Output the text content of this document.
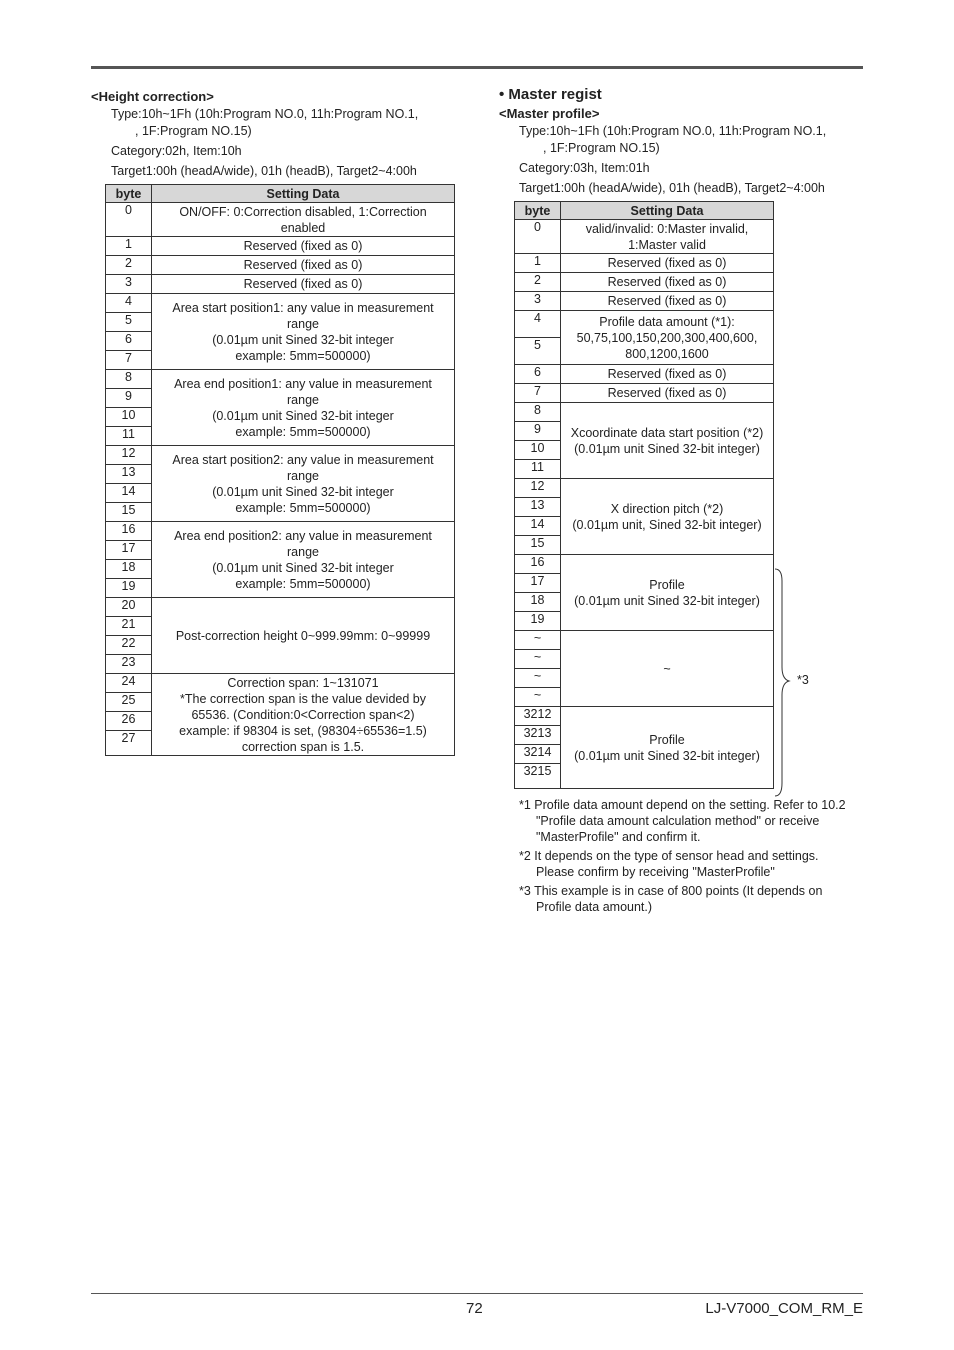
<Height correction>
Type:10h~1Fh (10h:Program NO.0, 11h:Program NO.1,
, 1F:Program NO.15)
Category:02h, Item:10h
Target1:00h (headA/wide), 01h (headB), Target2~4:00h
byte	Setting Data
0	ON/OFF: 0:Correction disabled, 1:Correction
enabled

1	Reserved (fixed as 0)

2	Reserved (fixed as 0)

3	Reserved (fixed as 0)

4	Area start position1: any value in measurement
range
(0.01µm unit Sined 32-bit integer
example: 5mm=500000)

5	
6	
7	
8	Area end position1: any value in measurement
range
(0.01µm unit Sined 32-bit integer
example: 5mm=500000)

9	
10	
11	
12	Area start position2: any value in measurement
range
(0.01µm unit Sined 32-bit integer
example: 5mm=500000)

13	
14	
15	
16	Area end position2: any value in measurement
range
(0.01µm unit Sined 32-bit integer
example: 5mm=500000)

17	
18	
19	
20	Post-correction height 0~999.99mm: 0~99999

21	
22	
23	
24	Correction span: 1~131071
*The correction span is the value devided by
65536. (Condition:0<Correction span<2)
example: if 98304 is set, (98304÷65536=1.5)
correction span is 1.5.

25	
26	
27	
• Master regist
<Master profile>
Type:10h~1Fh (10h:Program NO.0, 11h:Program NO.1,
, 1F:Program NO.15)
Category:03h, Item:01h
Target1:00h (headA/wide), 01h (headB), Target2~4:00h
byte	Setting Data
0	valid/invalid: 0:Master invalid,
1:Master valid

1	Reserved (fixed as 0)

2	Reserved (fixed as 0)

3	Reserved (fixed as 0)

4	Profile data amount (*1):
50,75,100,150,200,300,400,600,
800,1200,1600

5	
6	Reserved (fixed as 0)

7	Reserved (fixed as 0)

8	Xcoordinate data start position (*2)
(0.01µm unit Sined 32-bit integer)

9	
10	
11	
12	X direction pitch (*2)
(0.01µm unit, Sined 32-bit integer)

13	
14	
15	
16	Profile
(0.01µm unit Sined 32-bit integer)

17	
18	
19	
~	~

~	
~	
~	
3212	Profile
(0.01µm unit Sined 32-bit integer)

3213	
3214	
3215	
*3
*1 Profile data amount depend on the setting. Refer to 10.2
"Profile data amount calculation method" or receive
"MasterProfile" and confirm it.
*2 It depends on the type of sensor head and settings.
Please confirm by receiving "MasterProfile"
*3 This example is in case of 800 points (It depends on
Profile data amount.)
72	LJ-V7000_COM_RM_E
